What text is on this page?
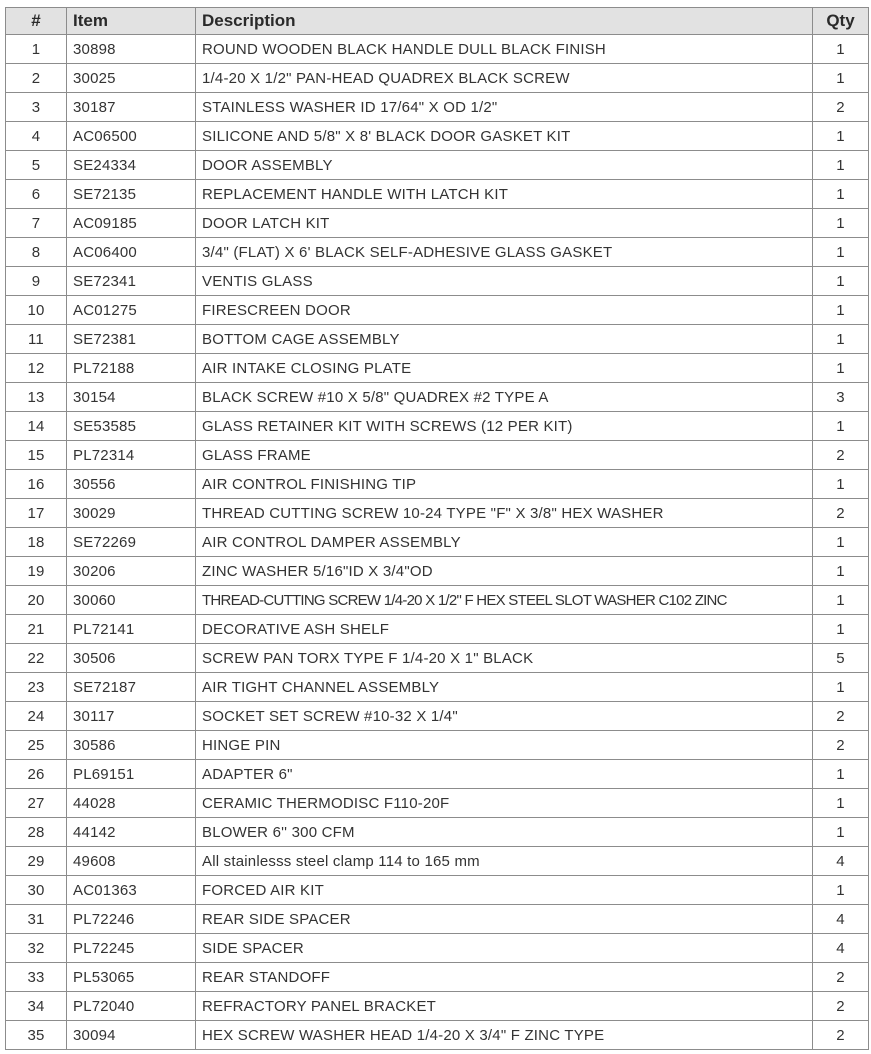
#	Item	Description	Qty
1	30898	ROUND WOODEN BLACK HANDLE DULL BLACK FINISH	1
2	30025	1/4-20 X 1/2" PAN-HEAD QUADREX BLACK SCREW	1
3	30187	STAINLESS WASHER ID 17/64" X OD 1/2"	2
4	AC06500	SILICONE AND 5/8" X 8' BLACK DOOR GASKET KIT	1
5	SE24334	DOOR ASSEMBLY	1
6	SE72135	REPLACEMENT HANDLE WITH LATCH KIT	1
7	AC09185	DOOR LATCH KIT	1
8	AC06400	3/4" (FLAT) X 6' BLACK SELF-ADHESIVE GLASS GASKET	1
9	SE72341	VENTIS GLASS	1
10	AC01275	FIRESCREEN DOOR	1
11	SE72381	BOTTOM CAGE ASSEMBLY	1
12	PL72188	AIR INTAKE CLOSING PLATE	1
13	30154	BLACK SCREW #10 X 5/8" QUADREX #2 TYPE A	3
14	SE53585	GLASS RETAINER KIT WITH SCREWS (12 PER KIT)	1
15	PL72314	GLASS FRAME	2
16	30556	AIR CONTROL FINISHING TIP	1
17	30029	THREAD CUTTING SCREW 10-24 TYPE "F" X 3/8" HEX WASHER	2
18	SE72269	AIR CONTROL DAMPER ASSEMBLY	1
19	30206	ZINC WASHER 5/16"ID X 3/4"OD	1
20	30060	THREAD-CUTTING SCREW 1/4-20 X 1/2" F HEX STEEL SLOT WASHER C102 ZINC	1
21	PL72141	DECORATIVE ASH SHELF	1
22	30506	SCREW PAN TORX TYPE F 1/4-20 X 1" BLACK	5
23	SE72187	AIR TIGHT CHANNEL ASSEMBLY	1
24	30117	SOCKET SET SCREW #10-32 X 1/4"	2
25	30586	HINGE PIN	2
26	PL69151	ADAPTER 6"	1
27	44028	CERAMIC THERMODISC F110-20F	1
28	44142	BLOWER 6'' 300 CFM	1
29	49608	All stainlesss steel clamp 114 to 165 mm	4
30	AC01363	FORCED AIR KIT	1
31	PL72246	REAR SIDE SPACER	4
32	PL72245	SIDE SPACER	4
33	PL53065	REAR STANDOFF	2
34	PL72040	REFRACTORY PANEL BRACKET	2
35	30094	HEX SCREW WASHER HEAD 1/4-20 X 3/4" F ZINC TYPE	2
